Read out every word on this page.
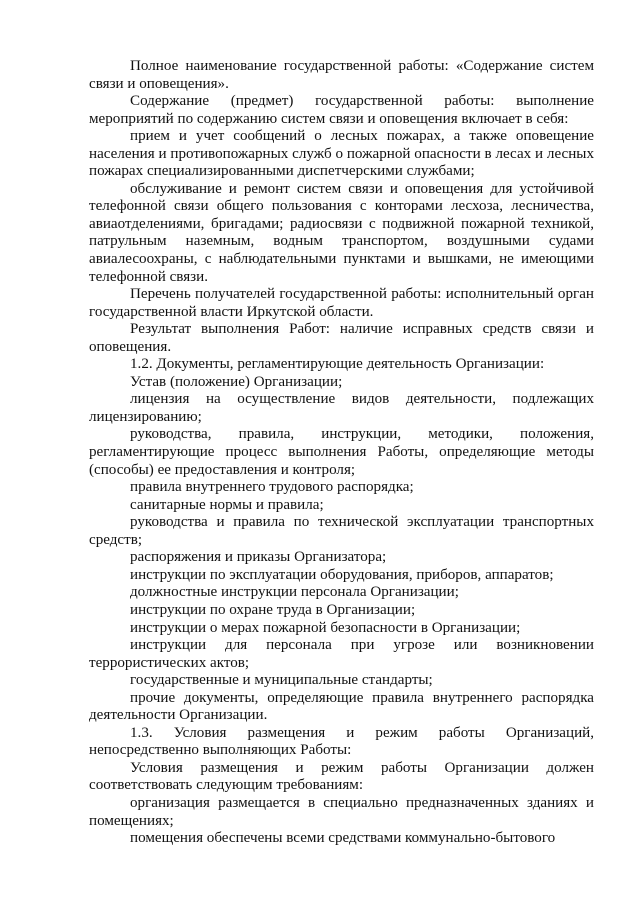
Полное наименование государственной работы: «Содержание систем связи и оповещения».

Содержание (предмет) государственной работы: выполнение мероприятий по содержанию систем связи и оповещения включает в себя:

прием и учет сообщений о лесных пожарах, а также оповещение населения и противопожарных служб о пожарной опасности в лесах и лесных пожарах специализированными диспетчерскими службами;

обслуживание и ремонт систем связи и оповещения для устойчивой телефонной связи общего пользования с конторами лесхоза, лесничества, авиаотделениями, бригадами; радиосвязи с подвижной пожарной техникой, патрульным наземным, водным транспортом, воздушными судами авиалесоохраны, с наблюдательными пунктами и вышками, не имеющими телефонной связи.

Перечень получателей государственной работы: исполнительный орган государственной власти Иркутской области.

Результат выполнения Работ: наличие исправных средств связи и оповещения.

1.2. Документы, регламентирующие деятельность Организации:

Устав (положение) Организации;

лицензия на осуществление видов деятельности, подлежащих лицензированию;

руководства, правила, инструкции, методики, положения, регламентирующие процесс выполнения Работы, определяющие методы (способы) ее предоставления и контроля;

правила внутреннего трудового распорядка;

санитарные нормы и правила;

руководства и правила по технической эксплуатации транспортных средств;

распоряжения и приказы Организатора;

инструкции по эксплуатации оборудования, приборов, аппаратов;

должностные инструкции персонала Организации;

инструкции по охране труда в Организации;

инструкции о мерах пожарной безопасности в Организации;

инструкции для персонала при угрозе или возникновении террористических актов;

государственные и муниципальные стандарты;

прочие документы, определяющие правила внутреннего распорядка деятельности Организации.

1.3. Условия размещения и режим работы Организаций, непосредственно выполняющих Работы:

Условия размещения и режим работы Организации должен соответствовать следующим требованиям:

организация размещается в специально предназначенных зданиях и помещениях;

помещения обеспечены всеми средствами коммунально-бытового
